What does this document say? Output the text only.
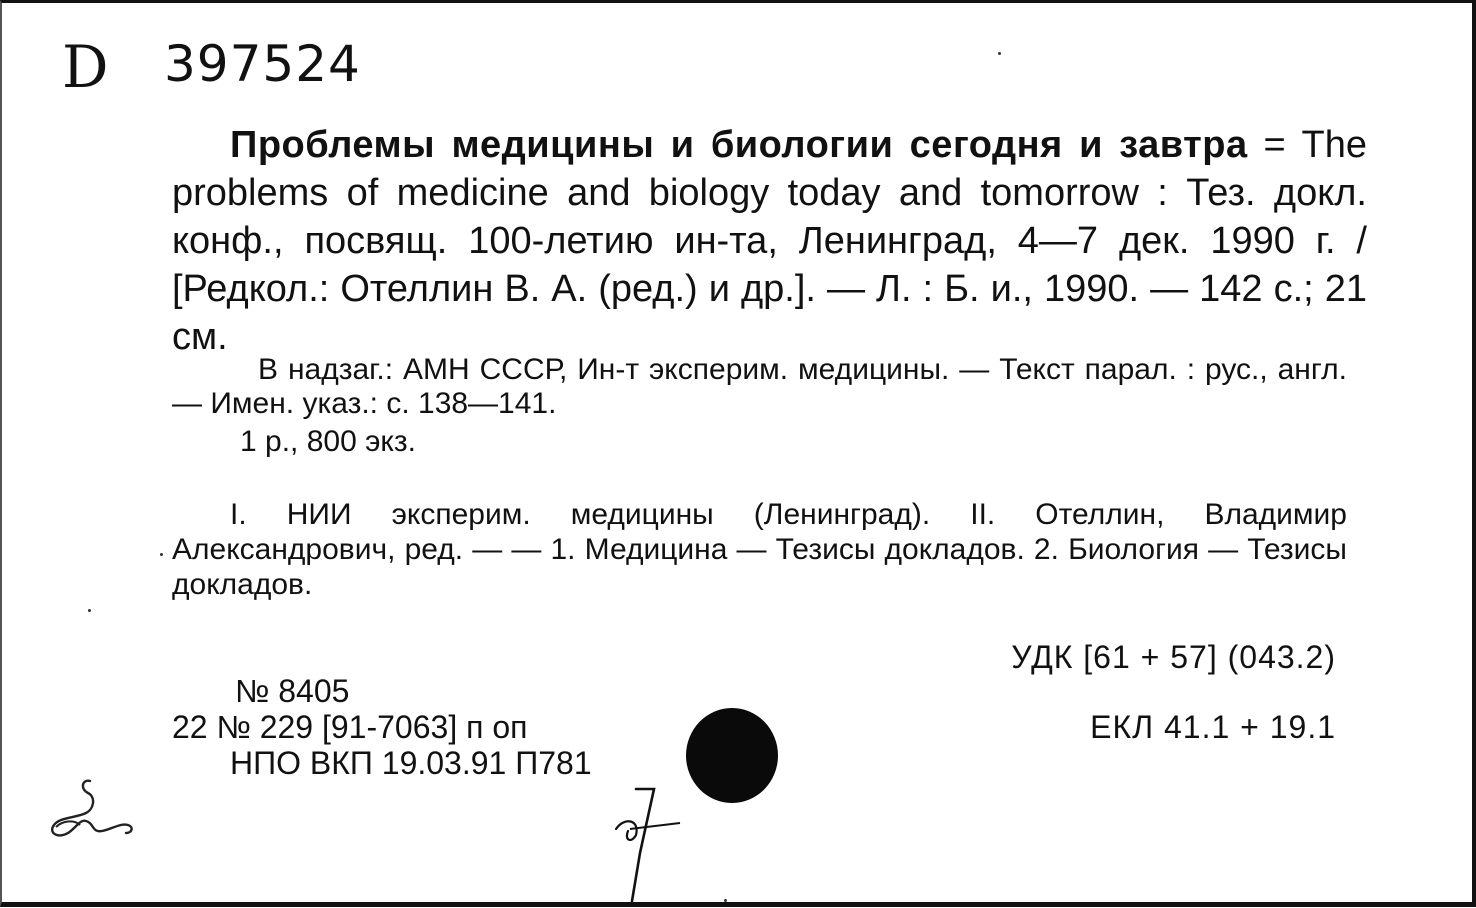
D 397524

Проблемы медицины и биологии сегодня и завтра = The problems of medicine and biology today and tomorrow : Тез. докл. конф., посвящ. 100-летию ин-та, Ленинград, 4—7 дек. 1990 г. / [Редкол.: Отеллин В. А. (ред.) и др.]. — Л. : Б. и., 1990. — 142 с.; 21 см.

В надзаг.: АМН СССР, Ин-т эксперим. медицины. — Текст парал. : рус., англ. — Имен. указ.: с. 138—141.

1 р., 800 экз.

I. НИИ эксперим. медицины (Ленинград). II. Отеллин, Владимир Александрович, ред. — — 1. Медицина — Тезисы докладов. 2. Биология — Тезисы докладов.

УДК [61 + 57] (043.2)
ЕКЛ 41.1 + 19.1
№ 8405
22 № 229 [91-7063] п оп
НПО ВКП 19.03.91 П781
